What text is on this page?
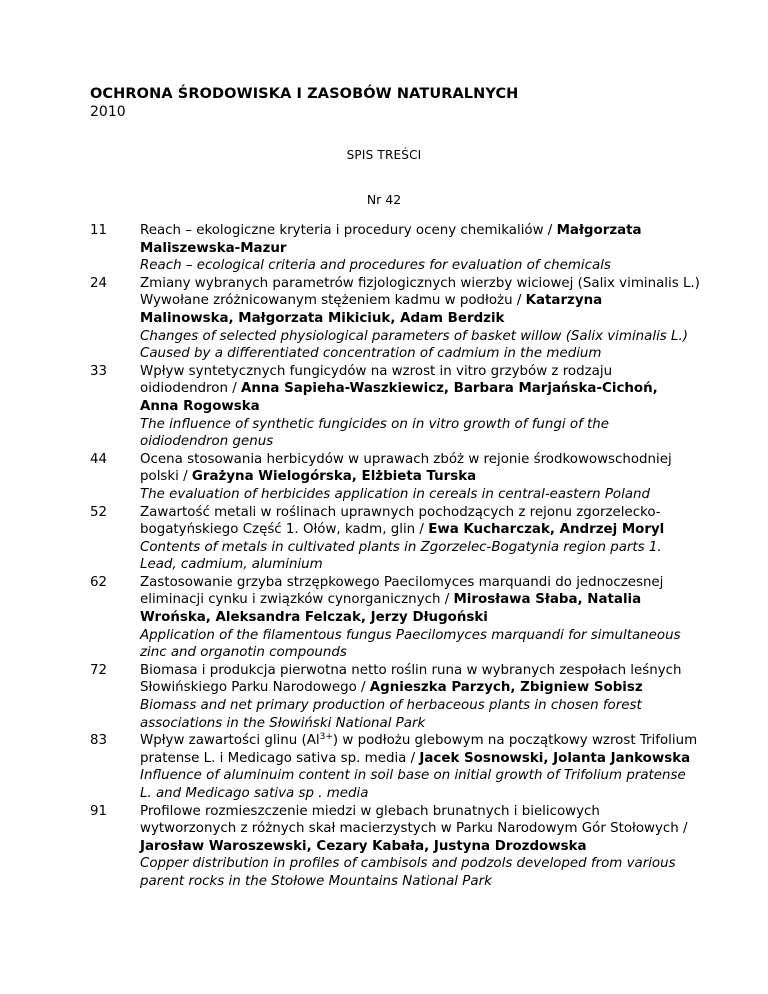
OCHRONA ŚRODOWISKA I ZASOBÓW NATURALNYCH
2010
SPIS TREŚCI
Nr 42
11	Reach – ekologiczne kryteria i procedury oceny chemikaliów / Małgorzata Maliszewska-Mazur
Reach – ecological criteria and procedures for evaluation of chemicals
24	Zmiany wybranych parametrów fizjologicznych wierzby wiciowej (Salix viminalis L.) Wywołane zróżnicowanym stężeniem kadmu w podłożu / Katarzyna Malinowska, Małgorzata Mikiciuk, Adam Berdzik
Changes of selected physiological parameters of basket willow (Salix viminalis L.) Caused by a differentiated concentration of cadmium in the medium
33	Wpływ syntetycznych fungicydów na wzrost in vitro grzybów z rodzaju oidiodendron / Anna Sapieha-Waszkiewicz, Barbara Marjańska-Cichoń, Anna Rogowska
The influence of synthetic fungicides on in vitro growth of fungi of the oidiodendron genus
44	Ocena stosowania herbicydów w uprawach zbóż w rejonie środkowowschodniej polski / Grażyna Wielogórska, Elżbieta Turska
The evaluation of herbicides application in cereals in central-eastern Poland
52	Zawartość metali w roślinach uprawnych pochodzących z rejonu zgorzelecko-bogatyńskiego Część 1. Ołów, kadm, glin / Ewa Kucharczak, Andrzej Moryl
Contents of metals in cultivated plants in Zgorzelec-Bogatynia region parts 1. Lead, cadmium, aluminium
62	Zastosowanie grzyba strzępkowego Paecilomyces marquandi do jednoczesnej eliminacji cynku i związków cynorganicznych / Mirosława Słaba, Natalia Wrońska, Aleksandra Felczak, Jerzy Długoński
Application of the filamentous fungus Paecilomyces marquandi for simultaneous zinc and organotin compounds
72	Biomasa i produkcja pierwotna netto roślin runa w wybranych zespołach leśnych Słowińskiego Parku Narodowego / Agnieszka Parzych, Zbigniew Sobisz
Biomass and net primary production of herbaceous plants in chosen forest associations in the Słowiński National Park
83	Wpływ zawartości glinu $(Al^{3+})$ w podłożu glebowym na początkowy wzrost Trifolium pratense L. i Medicago sativa sp. media / Jacek Sosnowski, Jolanta Jankowska
Influence of aluminuim content in soil base on initial growth of Trifolium pratense L. and Medicago sativa sp . media
91	Profilowe rozmieszczenie miedzi w glebach brunatnych i bielicowych wytworzonych z różnych skał macierzystych w Parku Narodowym Gór Stołowych / Jarosław Waroszewski, Cezary Kabała, Justyna Drozdowska
Copper distribution in profiles of cambisols and podzols developed from various parent rocks in the Stołowe Mountains National Park
